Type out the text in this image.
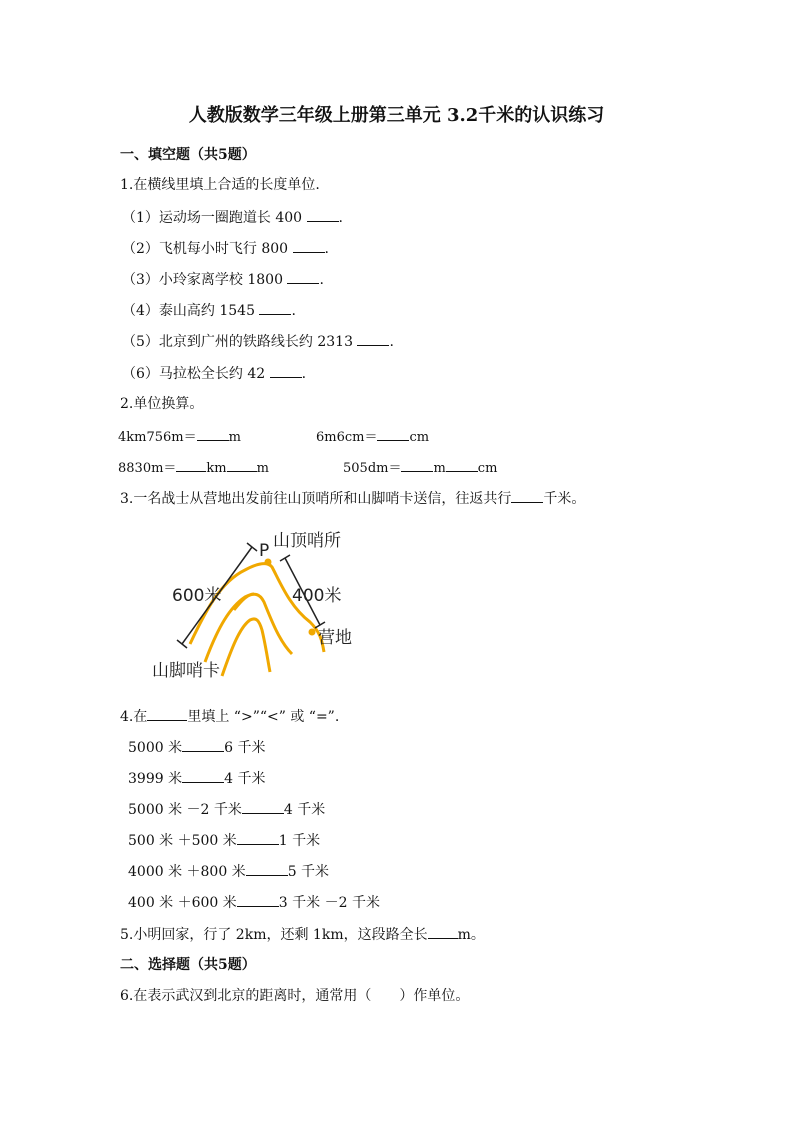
人教版数学三年级上册第三单元 3.2千米的认识练习
一、填空题（共5题）
1.在横线里填上合适的长度单位.
（1）运动场一圈跑道长 400 .
（2）飞机每小时飞行 800 .
（3）小玲家离学校 1800 .
（4）泰山高约 1545 .
（5）北京到广州的铁路线长约 2313 .
（6）马拉松全长约 42 .
2.单位换算。
4km756m＝ m	6m6cm＝ cm
8830m＝ km m	505dm＝ m cm
3.一名战士从营地出发前往山顶哨所和山脚哨卡送信，往返共行 千米。
P 山顶哨所
600米	400米
营地
山脚哨卡
4.在	里填上 “>”“<” 或 “=”.
5000 米	6 千米
3999 米	4 千米
5000 米 －2 千米	4 千米
500 米 ＋500 米	1 千米
4000 米 ＋800 米	5 千米
400 米 ＋600 米	3 千米 －2 千米
5.小明回家，行了 2km，还剩 1km，这段路全长 m。
二、选择题（共5题）
6.在表示武汉到北京的距离时，通常用（　　）作单位。
